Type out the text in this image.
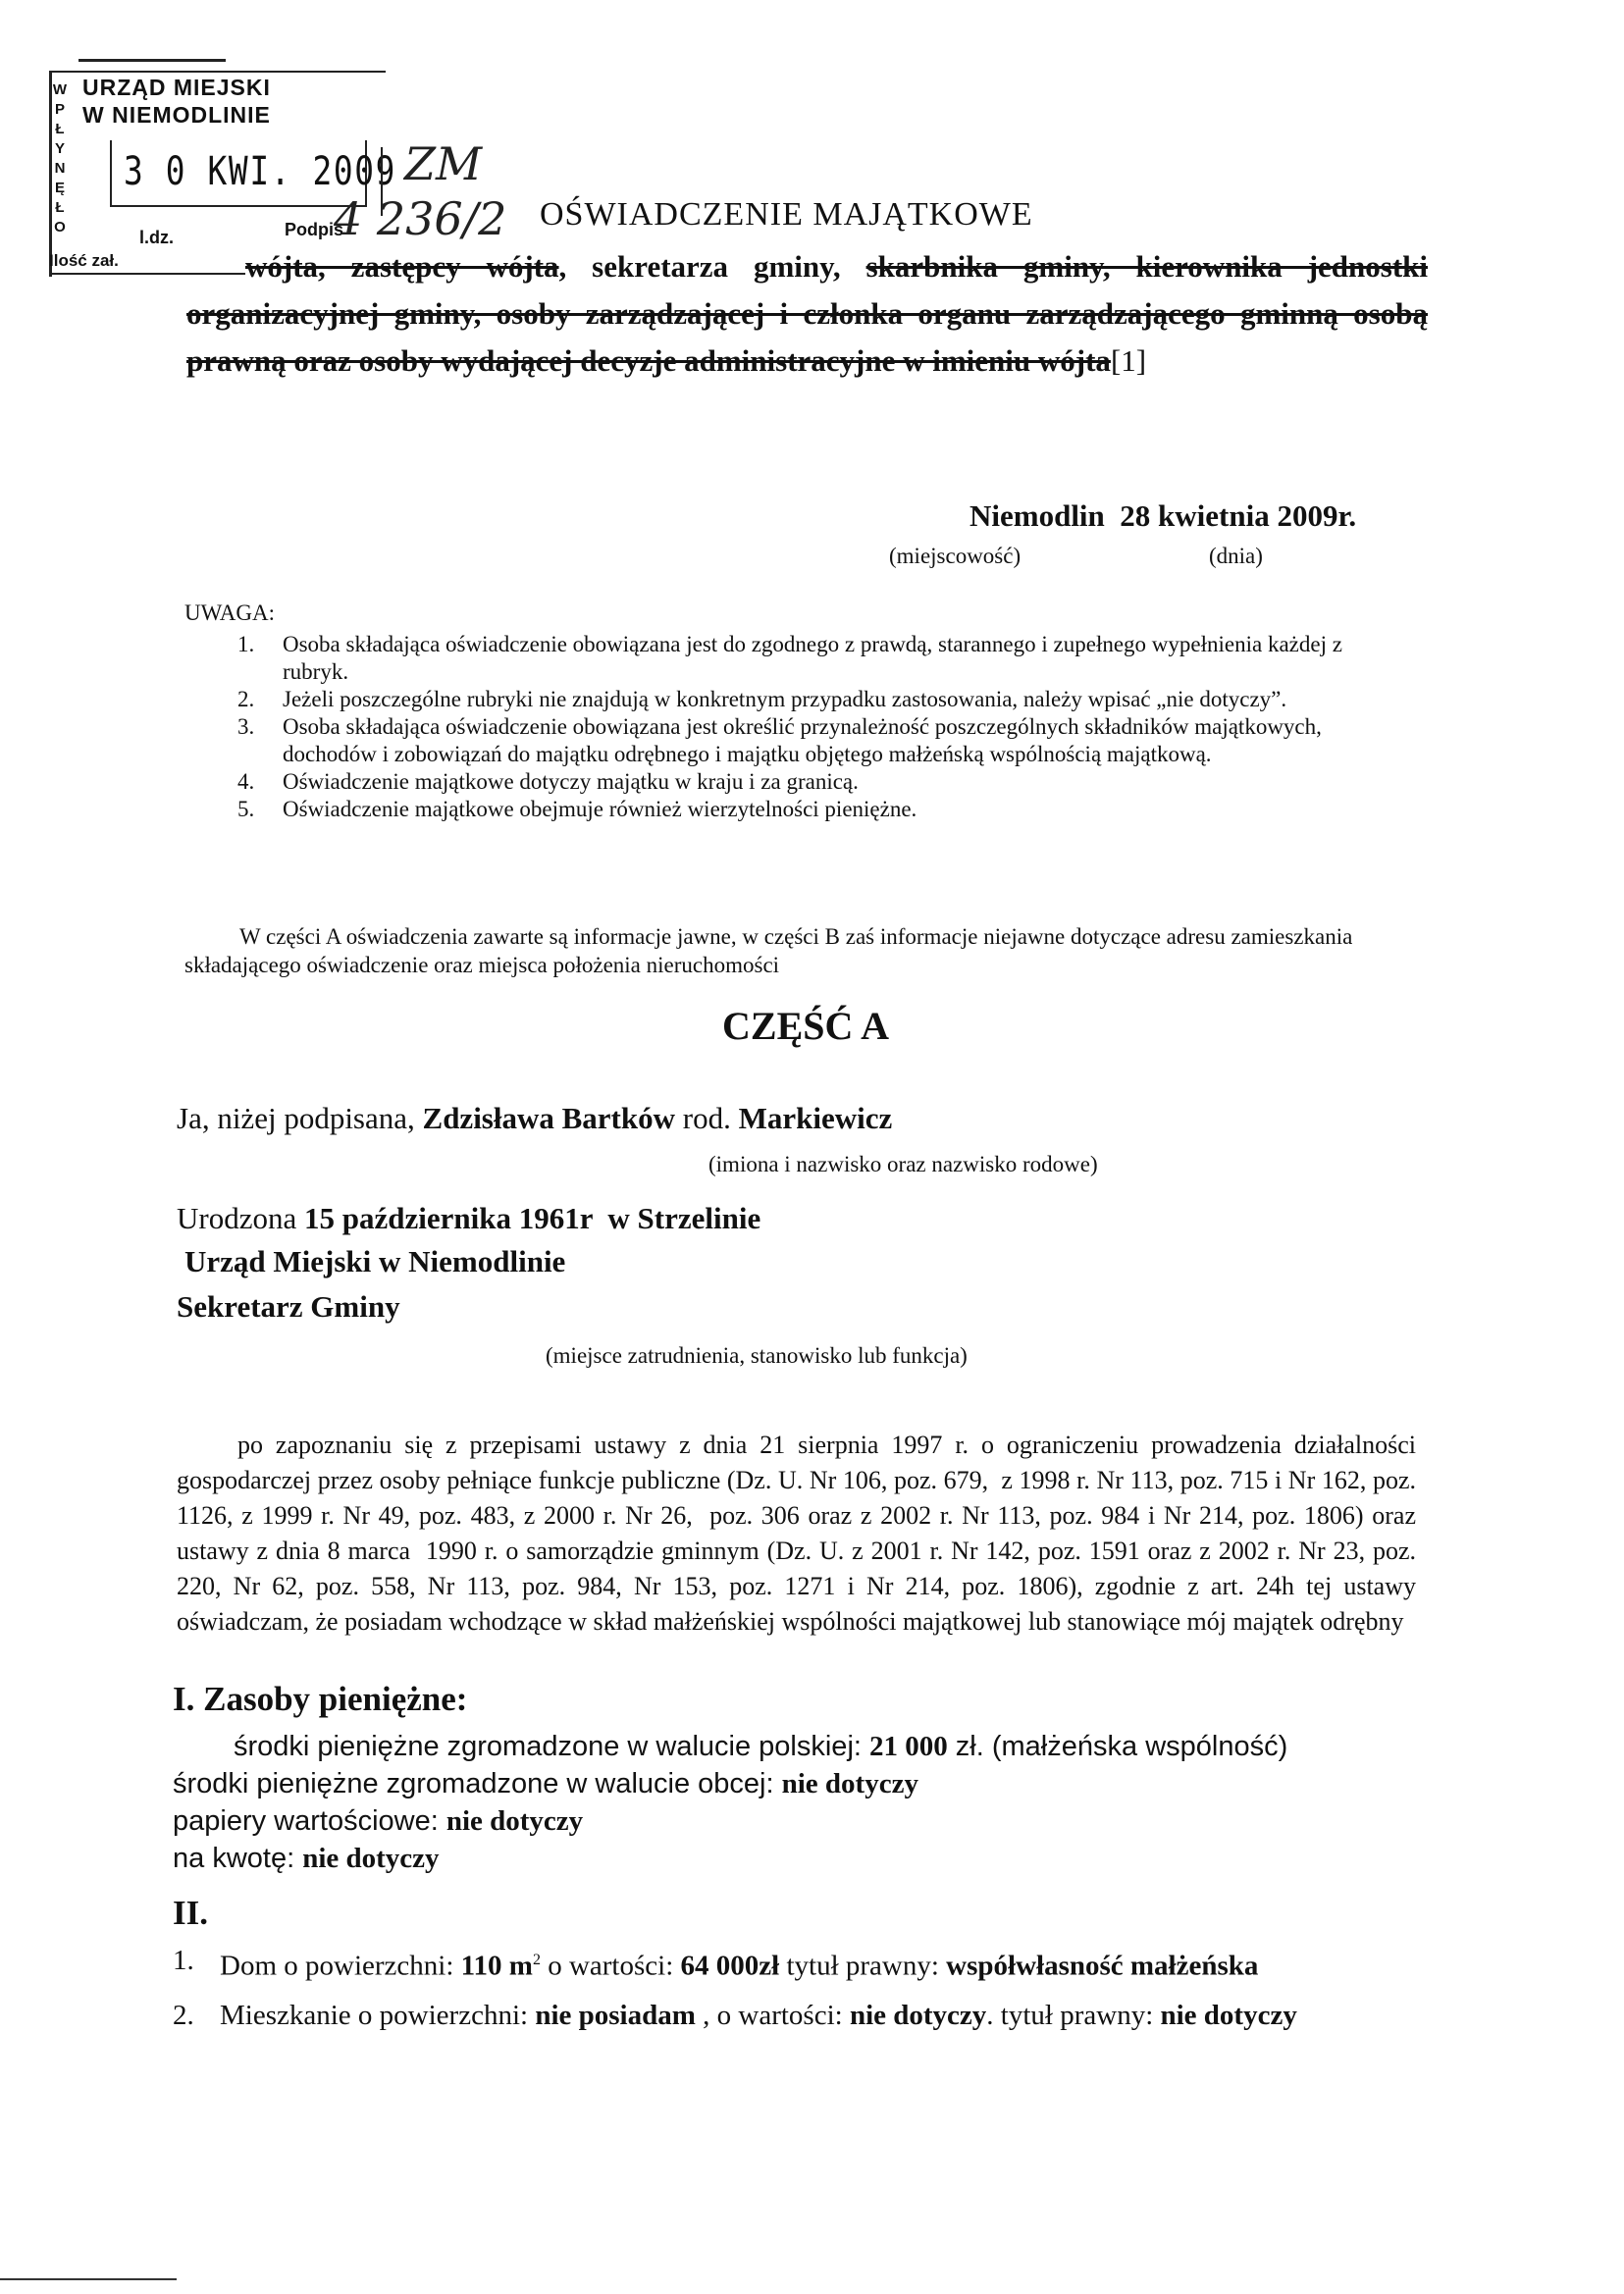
W
P
Ł
Y
N
Ę
Ł
O
URZĄD MIEJSKI
W NIEMODLINIE
3 0 KWI. 2009
l.dz.	Podpis
Ilość zał.
ZM
4 236/2 OŚWIADCZENIE MAJĄTKOWE
wójta, zastępcy wójta, sekretarza gminy, skarbnika gminy, kierownika jednostki organizacyjnej gminy, osoby zarządzającej i członka organu zarządzającego gminną osobą prawną oraz osoby wydającej decyzje administracyjne w imieniu wójta[1]
Niemodlin  28 kwietnia 2009r.
(miejscowość)	(dnia)
UWAGA:
1.	Osoba składająca oświadczenie obowiązana jest do zgodnego z prawdą, starannego i zupełnego wypełnienia każdej z rubryk.
2.	Jeżeli poszczególne rubryki nie znajdują w konkretnym przypadku zastosowania, należy wpisać „nie dotyczy”.
3.	Osoba składająca oświadczenie obowiązana jest określić przynależność poszczególnych składników majątkowych, dochodów i zobowiązań do majątku odrębnego i majątku objętego małżeńską wspólnością majątkową.
4.	Oświadczenie majątkowe dotyczy majątku w kraju i za granicą.
5.	Oświadczenie majątkowe obejmuje również wierzytelności pieniężne.
W części A oświadczenia zawarte są informacje jawne, w części B zaś informacje niejawne dotyczące adresu zamieszkania składającego oświadczenie oraz miejsca położenia nieruchomości
CZĘŚĆ A
Ja, niżej podpisana, Zdzisława Bartków rod. Markiewicz
(imiona i nazwisko oraz nazwisko rodowe)
Urodzona 15 października 1961r  w Strzelinie
Urząd Miejski w Niemodlinie
Sekretarz Gminy
(miejsce zatrudnienia, stanowisko lub funkcja)
po zapoznaniu się z przepisami ustawy z dnia 21 sierpnia 1997 r. o ograniczeniu prowadzenia działalności gospodarczej przez osoby pełniące funkcje publiczne (Dz. U. Nr 106, poz. 679,  z 1998 r. Nr 113, poz. 715 i Nr 162, poz. 1126, z 1999 r. Nr 49, poz. 483, z 2000 r. Nr 26,  poz. 306 oraz z 2002 r. Nr 113, poz. 984 i Nr 214, poz. 1806) oraz ustawy z dnia 8 marca  1990 r. o samorządzie gminnym (Dz. U. z 2001 r. Nr 142, poz. 1591 oraz z 2002 r. Nr 23, poz. 220, Nr 62, poz. 558, Nr 113, poz. 984, Nr 153, poz. 1271 i Nr 214, poz. 1806), zgodnie z art. 24h tej ustawy oświadczam, że posiadam wchodzące w skład małżeńskiej wspólności majątkowej lub stanowiące mój majątek odrębny
I. Zasoby pieniężne:
środki pieniężne zgromadzone w walucie polskiej: 21 000 zł. (małżeńska wspólność)
środki pieniężne zgromadzone w walucie obcej: nie dotyczy
papiery wartościowe: nie dotyczy
na kwotę: nie dotyczy
II.
1. Dom o powierzchni: 110 $m^2$ o wartości: 64 000zł tytuł prawny: współwłasność małżeńska
2. Mieszkanie o powierzchni: nie posiadam , o wartości: nie dotyczy. tytuł prawny: nie dotyczy
